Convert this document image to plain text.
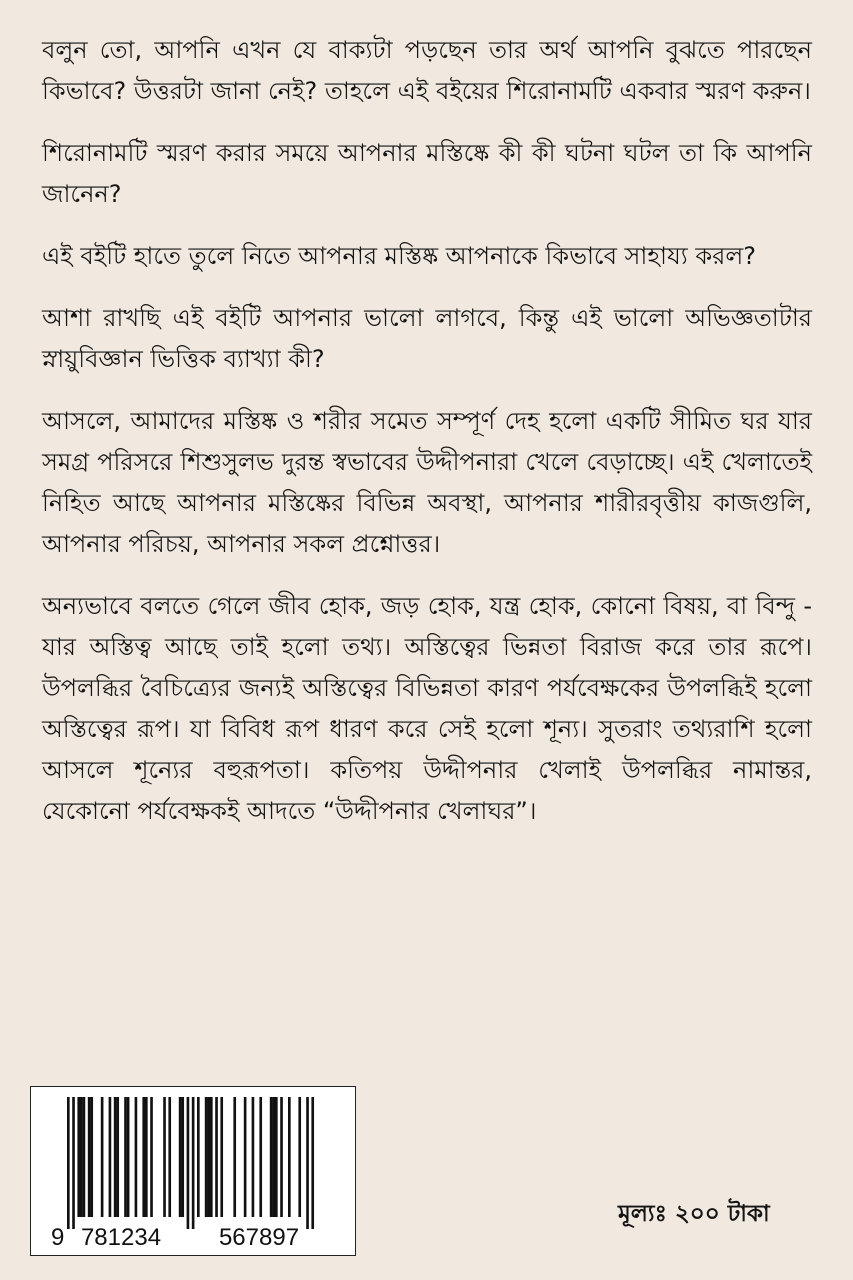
বলুন তো, আপনি এখন যে বাক্যটা পড়ছেন তার অর্থ আপনি বুঝতে পারছেন কিভাবে? উত্তরটা জানা নেই? তাহলে এই বইয়ের শিরোনামটি একবার স্মরণ করুন।

শিরোনামটি স্মরণ করার সময়ে আপনার মস্তিষ্কে কী কী ঘটনা ঘটল তা কি আপনি জানেন?

এই বইটি হাতে তুলে নিতে আপনার মস্তিষ্ক আপনাকে কিভাবে সাহায্য করল?

আশা রাখছি এই বইটি আপনার ভালো লাগবে, কিন্তু এই ভালো অভিজ্ঞতাটার স্নায়ুবিজ্ঞান ভিত্তিক ব্যাখ্যা কী?

আসলে, আমাদের মস্তিষ্ক ও শরীর সমেত সম্পূর্ণ দেহ হলো একটি সীমিত ঘর যার সমগ্র পরিসরে শিশুসুলভ দুরন্ত স্বভাবের উদ্দীপনারা খেলে বেড়াচ্ছে। এই খেলাতেই নিহিত আছে আপনার মস্তিষ্কের বিভিন্ন অবস্থা, আপনার শারীরবৃত্তীয় কাজগুলি, আপনার পরিচয়, আপনার সকল প্রশ্নোত্তর।

অন্যভাবে বলতে গেলে জীব হোক, জড় হোক, যন্ত্র হোক, কোনো বিষয়, বা বিন্দু - যার অস্তিত্ব আছে তাই হলো তথ্য। অস্তিত্বের ভিন্নতা বিরাজ করে তার রূপে। উপলব্ধির বৈচিত্র্যের জন্যই অস্তিত্বের বিভিন্নতা কারণ পর্যবেক্ষকের উপলব্ধিই হলো অস্তিত্বের রূপ। যা বিবিধ রূপ ধারণ করে সেই হলো শূন্য। সুতরাং তথ্যরাশি হলো আসলে শূন্যের বহুরূপতা। কতিপয় উদ্দীপনার খেলাই উপলব্ধির নামান্তর, যেকোনো পর্যবেক্ষকই আদতে “উদ্দীপনার খেলাঘর”।

9 781234 567897
মূল্যঃ ২০০ টাকা
